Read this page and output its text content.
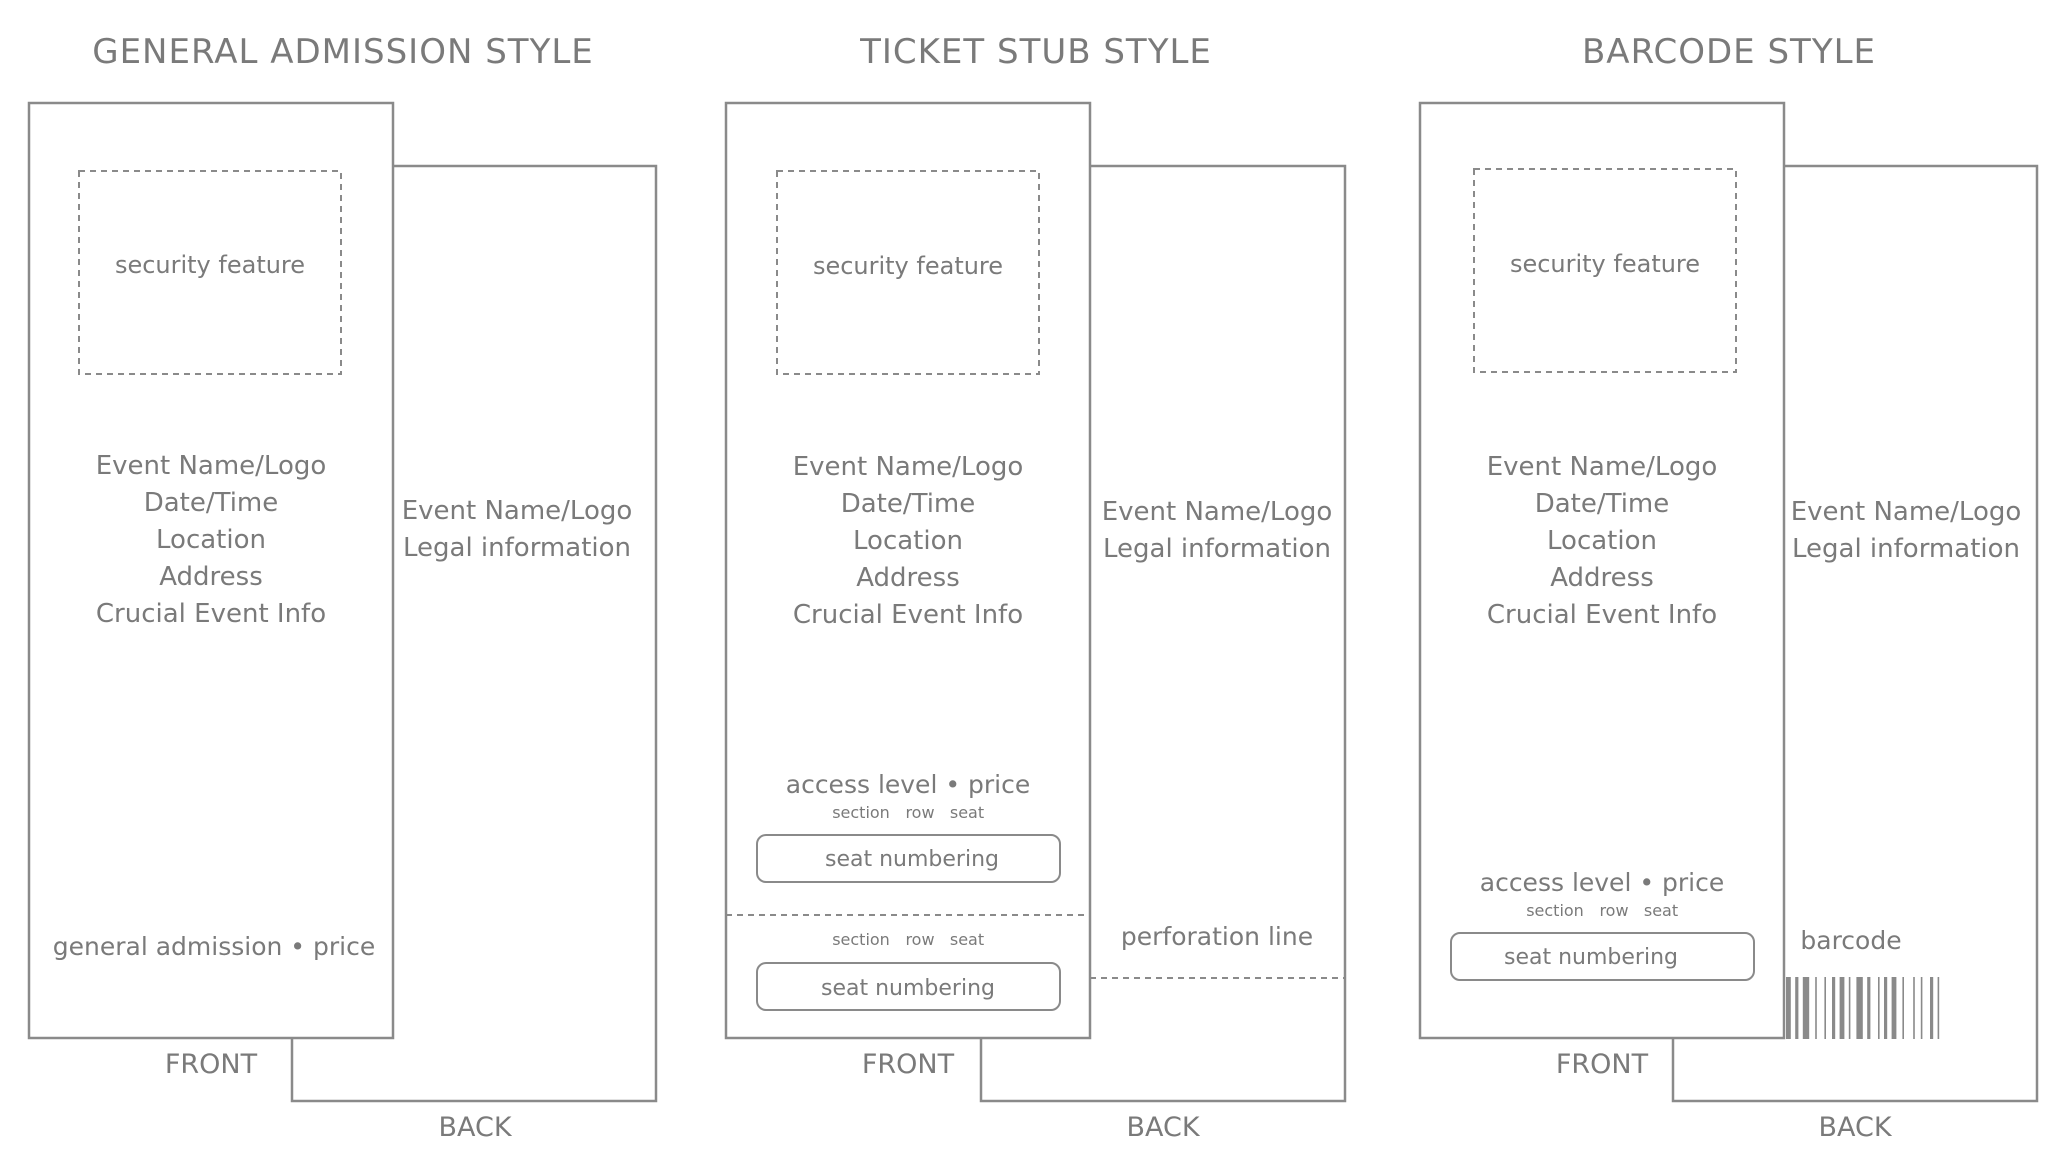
GENERAL ADMISSION STYLE
security feature
Event Name/Logo
Date/Time
Location
Address
Crucial Event Info
Event Name/Logo
Legal information
general admission • price
FRONT
BACK
TICKET STUB STYLE
security feature
Event Name/Logo
Date/Time
Location
Address
Crucial Event Info
Event Name/Logo
Legal information
access level • price
section row seat
seat numbering
section row seat
seat numbering
perforation line
FRONT
BACK
BARCODE STYLE
security feature
Event Name/Logo
Date/Time
Location
Address
Crucial Event Info
Event Name/Logo
Legal information
access level • price
section row seat
seat numbering
barcode
FRONT
BACK
